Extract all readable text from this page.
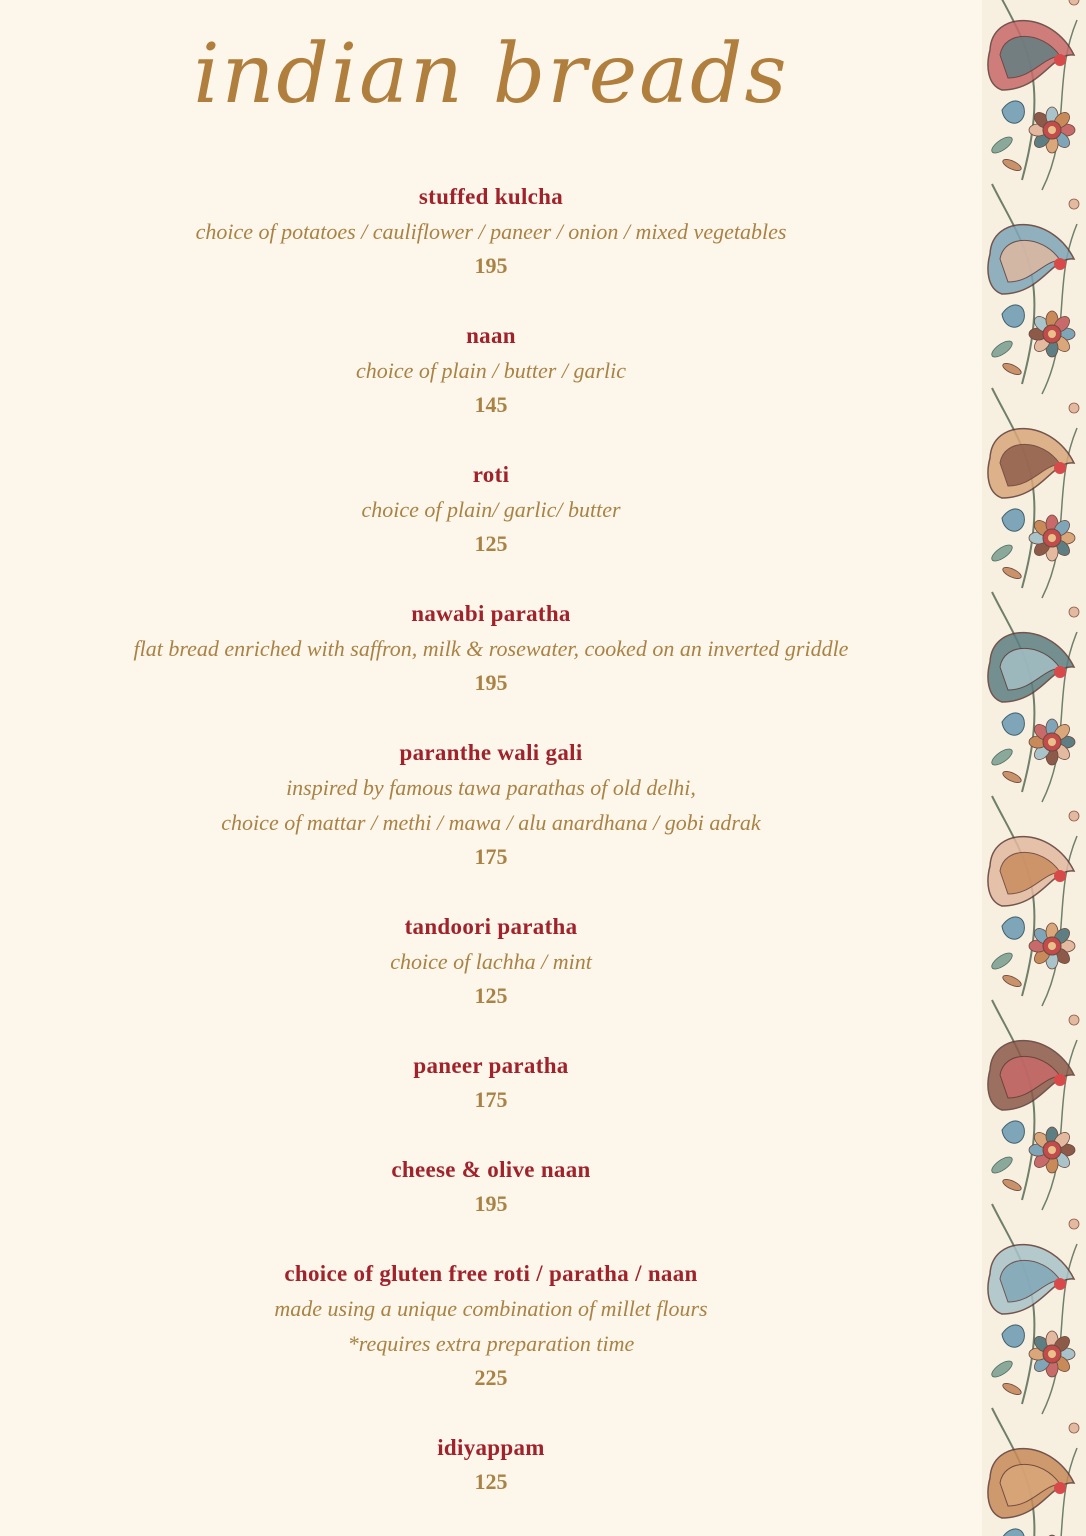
indian breads
stuffed kulcha
choice of potatoes / cauliflower / paneer / onion / mixed vegetables
195
naan
choice of plain / butter / garlic
145
roti
choice of plain/ garlic/ butter
125
nawabi paratha
flat bread enriched with saffron, milk & rosewater, cooked on an inverted griddle
195
paranthe wali gali
inspired by famous tawa parathas of old delhi,
choice of mattar / methi / mawa / alu anardhana / gobi adrak
175
tandoori paratha
choice of lachha / mint
125
paneer paratha
175
cheese & olive naan
195
choice of gluten free roti / paratha / naan
made using a unique combination of millet flours
*requires extra preparation time
225
idiyappam
125
